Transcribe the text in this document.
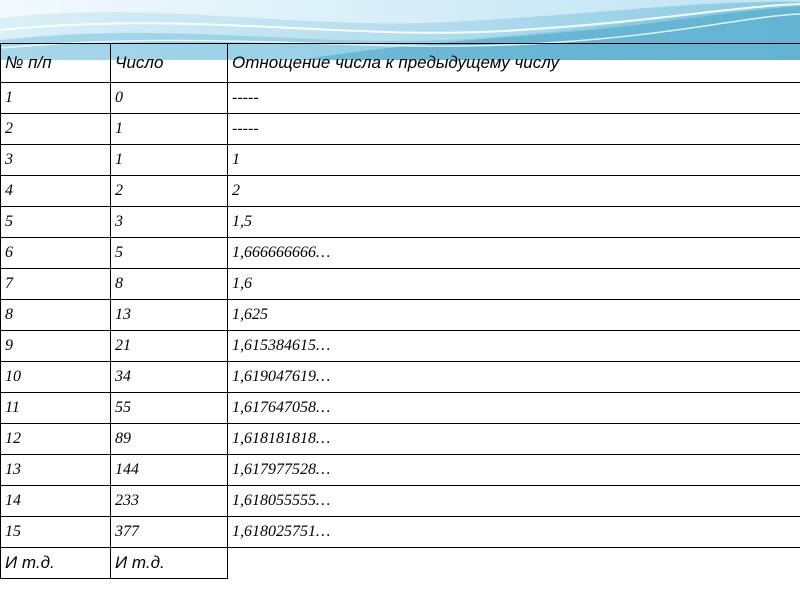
№ п/п	Число	Отнощение числа к предыдущему числу
1	0	-----
2	1	-----
3	1	1
4	2	2
5	3	1,5
6	5	1,666666666…
7	8	1,6
8	13	1,625
9	21	1,615384615…
10	34	1,619047619…
11	55	1,617647058…
12	89	1,618181818…
13	144	1,617977528…
14	233	1,618055555…
15	377	1,618025751…
И т.д.	И т.д.	
